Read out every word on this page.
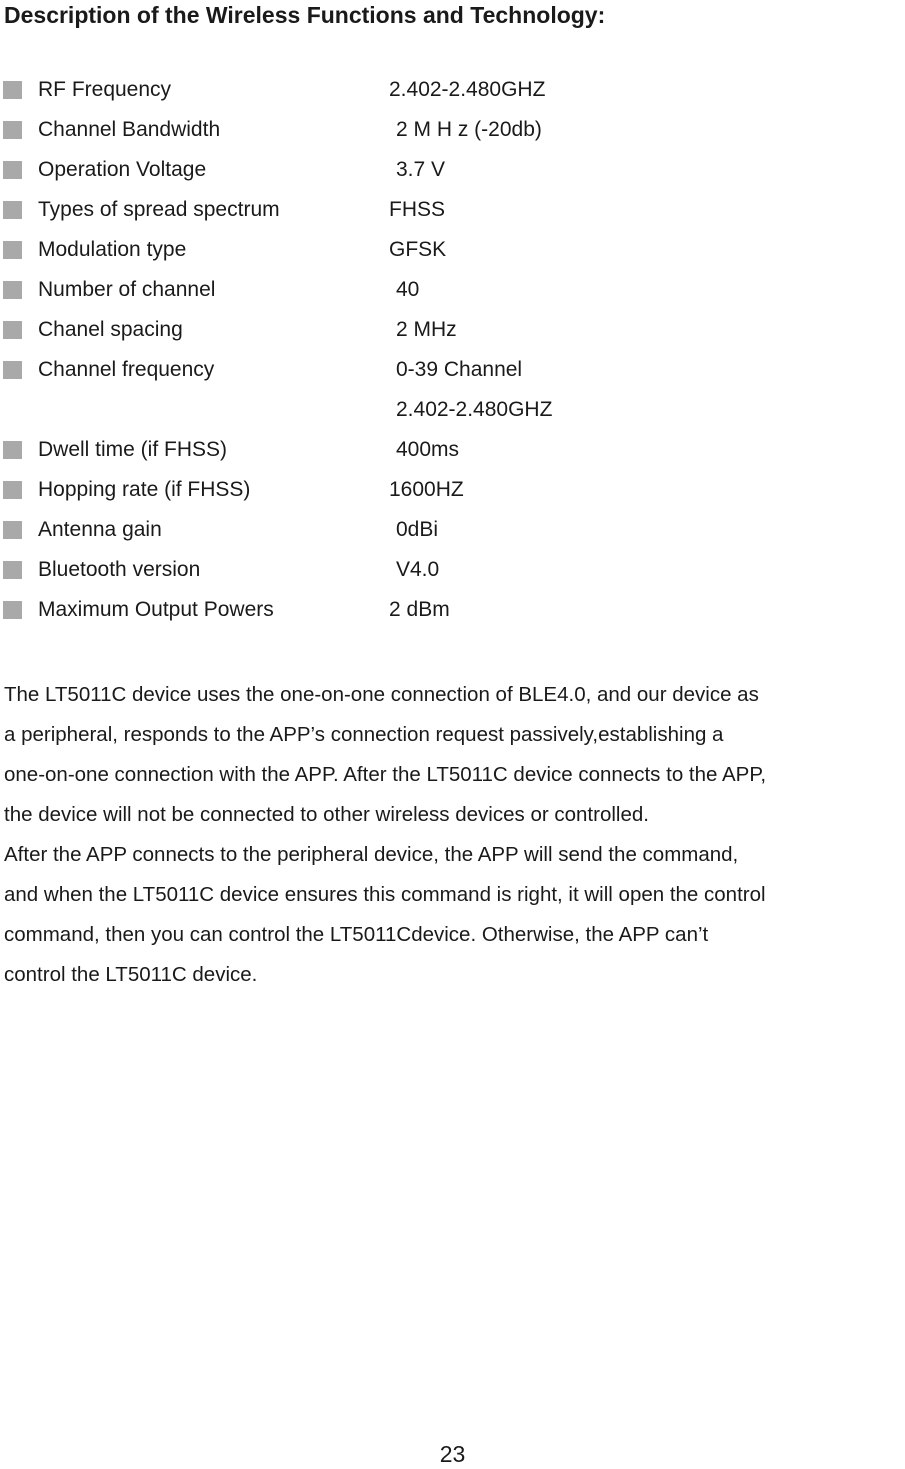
Description of the Wireless Functions and Technology:
RF Frequency	2.402-2.480GHZ
Channel Bandwidth	2 M H z (-20db)
Operation Voltage	3.7 V
Types of spread spectrum	FHSS
Modulation type	GFSK
Number of channel	40
Chanel spacing	2 MHz
Channel frequency	0-39 Channel
2.402-2.480GHZ
Dwell time (if FHSS)	400ms
Hopping rate (if FHSS)	1600HZ
Antenna gain	0dBi
Bluetooth version	V4.0
Maximum Output Powers	2 dBm

The LT5011C device uses the one-on-one connection of BLE4.0, and our device as

a peripheral, responds to the APP’s connection request passively,establishing a

one-on-one connection with the APP. After the LT5011C device connects to the APP,

the device will not be connected to other wireless devices or controlled.

After the APP connects to the peripheral device, the APP will send the command,

and when the LT5011C device ensures this command is right, it will open the control

command, then you can control the LT5011Cdevice. Otherwise, the APP can’t

control the LT5011C device.

23
